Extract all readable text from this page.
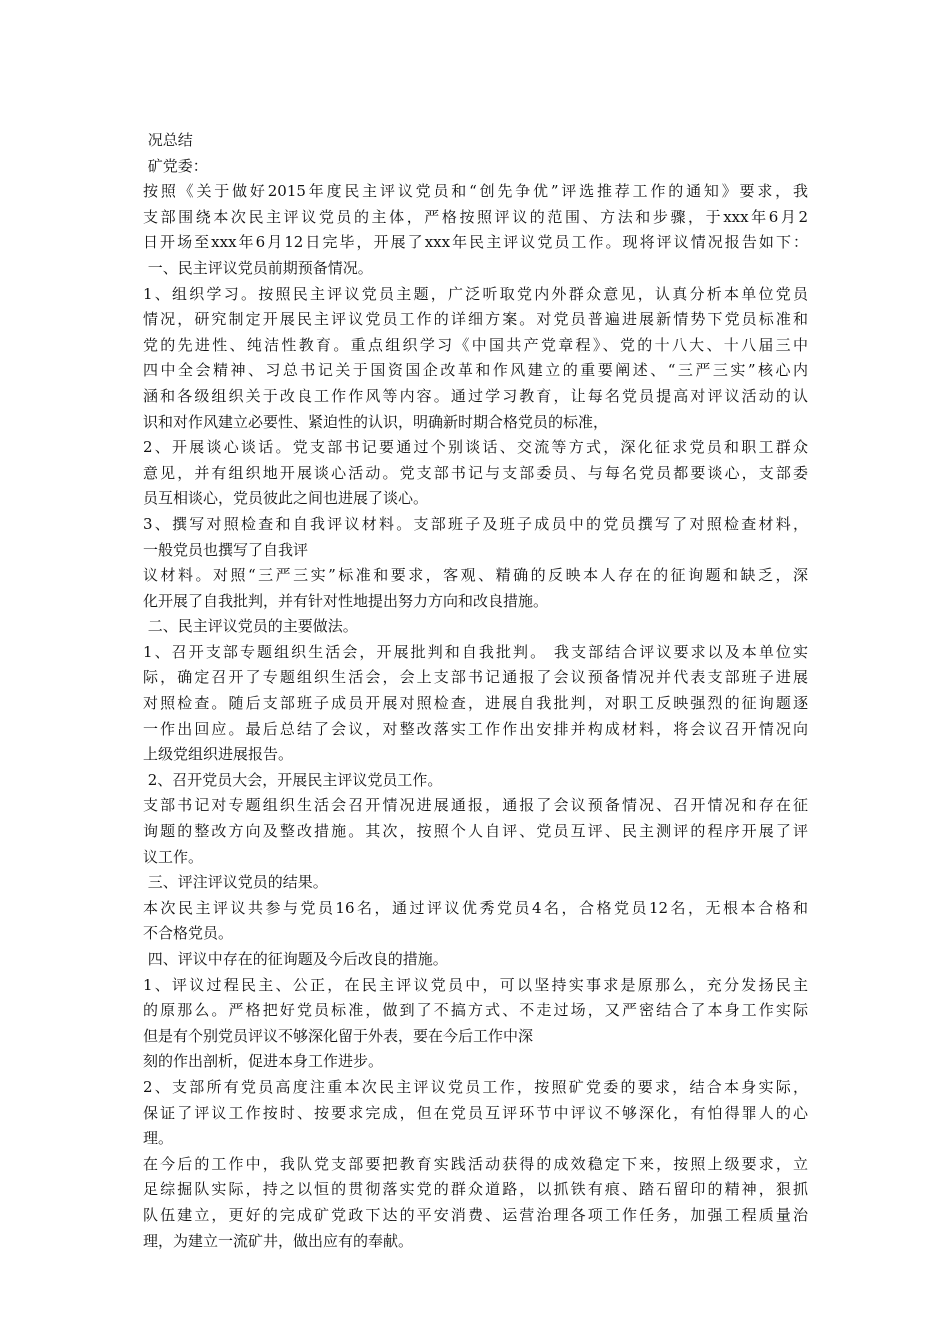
况总结
矿党委：
按照《关于做好2015年度民主评议党员和“创先争优”评选推荐工作的通知》要求，我
支部围绕本次民主评议党员的主体，严格按照评议的范围、方法和步骤，于xxx年6月2
日开场至xxx年6月12日完毕，开展了xxx年民主评议党员工作。现将评议情况报告如下：
一、民主评议党员前期预备情况。
1、组织学习。按照民主评议党员主题，广泛听取党内外群众意见，认真分析本单位党员
情况，研究制定开展民主评议党员工作的详细方案。对党员普遍进展新情势下党员标准和
党的先进性、纯洁性教育。重点组织学习《中国共产党章程》、党的十八大、十八届三中
四中全会精神、习总书记关于国资国企改革和作风建立的重要阐述、“三严三实”核心内
涵和各级组织关于改良工作作风等内容。通过学习教育，让每名党员提高对评议活动的认
识和对作风建立必要性、紧迫性的认识，明确新时期合格党员的标准，
2、开展谈心谈话。党支部书记要通过个别谈话、交流等方式，深化征求党员和职工群众
意见，并有组织地开展谈心活动。党支部书记与支部委员、与每名党员都要谈心，支部委
员互相谈心，党员彼此之间也进展了谈心。
3、撰写对照检查和自我评议材料。支部班子及班子成员中的党员撰写了对照检查材料，
一般党员也撰写了自我评
议材料。对照“三严三实”标准和要求，客观、精确的反映本人存在的征询题和缺乏，深
化开展了自我批判，并有针对性地提出努力方向和改良措施。
二、民主评议党员的主要做法。
1、召开支部专题组织生活会，开展批判和自我批判。 我支部结合评议要求以及本单位实
际，确定召开了专题组织生活会，会上支部书记通报了会议预备情况并代表支部班子进展
对照检查。随后支部班子成员开展对照检查，进展自我批判，对职工反映强烈的征询题逐
一作出回应。最后总结了会议，对整改落实工作作出安排并构成材料，将会议召开情况向
上级党组织进展报告。
2、召开党员大会，开展民主评议党员工作。
支部书记对专题组织生活会召开情况进展通报，通报了会议预备情况、召开情况和存在征
询题的整改方向及整改措施。其次，按照个人自评、党员互评、民主测评的程序开展了评
议工作。
三、评注评议党员的结果。
本次民主评议共参与党员16名，通过评议优秀党员4名，合格党员12名，无根本合格和
不合格党员。
四、评议中存在的征询题及今后改良的措施。
1、评议过程民主、公正，在民主评议党员中，可以坚持实事求是原那么，充分发扬民主
的原那么。严格把好党员标准，做到了不搞方式、不走过场，又严密结合了本身工作实际
但是有个别党员评议不够深化留于外表，要在今后工作中深
刻的作出剖析，促进本身工作进步。
2、支部所有党员高度注重本次民主评议党员工作，按照矿党委的要求，结合本身实际，
保证了评议工作按时、按要求完成，但在党员互评环节中评议不够深化，有怕得罪人的心
理。
在今后的工作中，我队党支部要把教育实践活动获得的成效稳定下来，按照上级要求，立
足综掘队实际，持之以恒的贯彻落实党的群众道路，以抓铁有痕、踏石留印的精神，狠抓
队伍建立，更好的完成矿党政下达的平安消费、运营治理各项工作任务，加强工程质量治
理，为建立一流矿井，做出应有的奉献。
